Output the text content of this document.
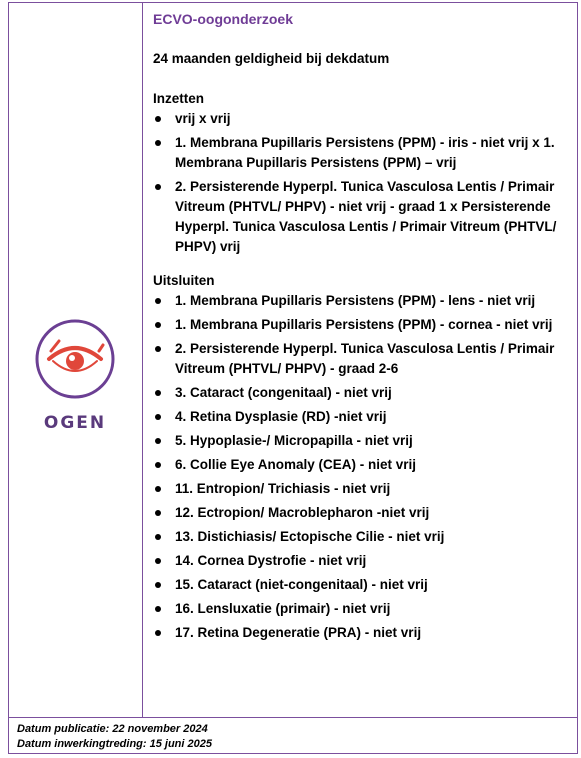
OGEN
ECVO-oogonderzoek
24 maanden geldigheid bij dekdatum
Inzetten
vrij x vrij
1. Membrana Pupillaris Persistens (PPM) - iris - niet vrij x 1. Membrana Pupillaris Persistens (PPM) – vrij
2. Persisterende Hyperpl. Tunica Vasculosa Lentis / Primair Vitreum (PHTVL/ PHPV) - niet vrij - graad 1 x Persisterende Hyperpl. Tunica Vasculosa Lentis / Primair Vitreum (PHTVL/ PHPV) vrij
Uitsluiten
1. Membrana Pupillaris Persistens (PPM) - lens - niet vrij
1. Membrana Pupillaris Persistens (PPM) - cornea - niet vrij
2. Persisterende Hyperpl. Tunica Vasculosa Lentis / Primair Vitreum (PHTVL/ PHPV) - graad 2-6
3. Cataract (congenitaal) - niet vrij
4. Retina Dysplasie (RD) -niet vrij
5. Hypoplasie-/ Micropapilla - niet vrij
6. Collie Eye Anomaly (CEA) - niet vrij
11. Entropion/ Trichiasis - niet vrij
12. Ectropion/ Macroblepharon -niet vrij
13. Distichiasis/ Ectopische Cilie - niet vrij
14. Cornea Dystrofie - niet vrij
15. Cataract (niet-congenitaal) - niet vrij
16. Lensluxatie (primair) - niet vrij
17. Retina Degeneratie (PRA) - niet vrij
Datum publicatie: 22 november 2024
Datum inwerkingtreding: 15 juni 2025
